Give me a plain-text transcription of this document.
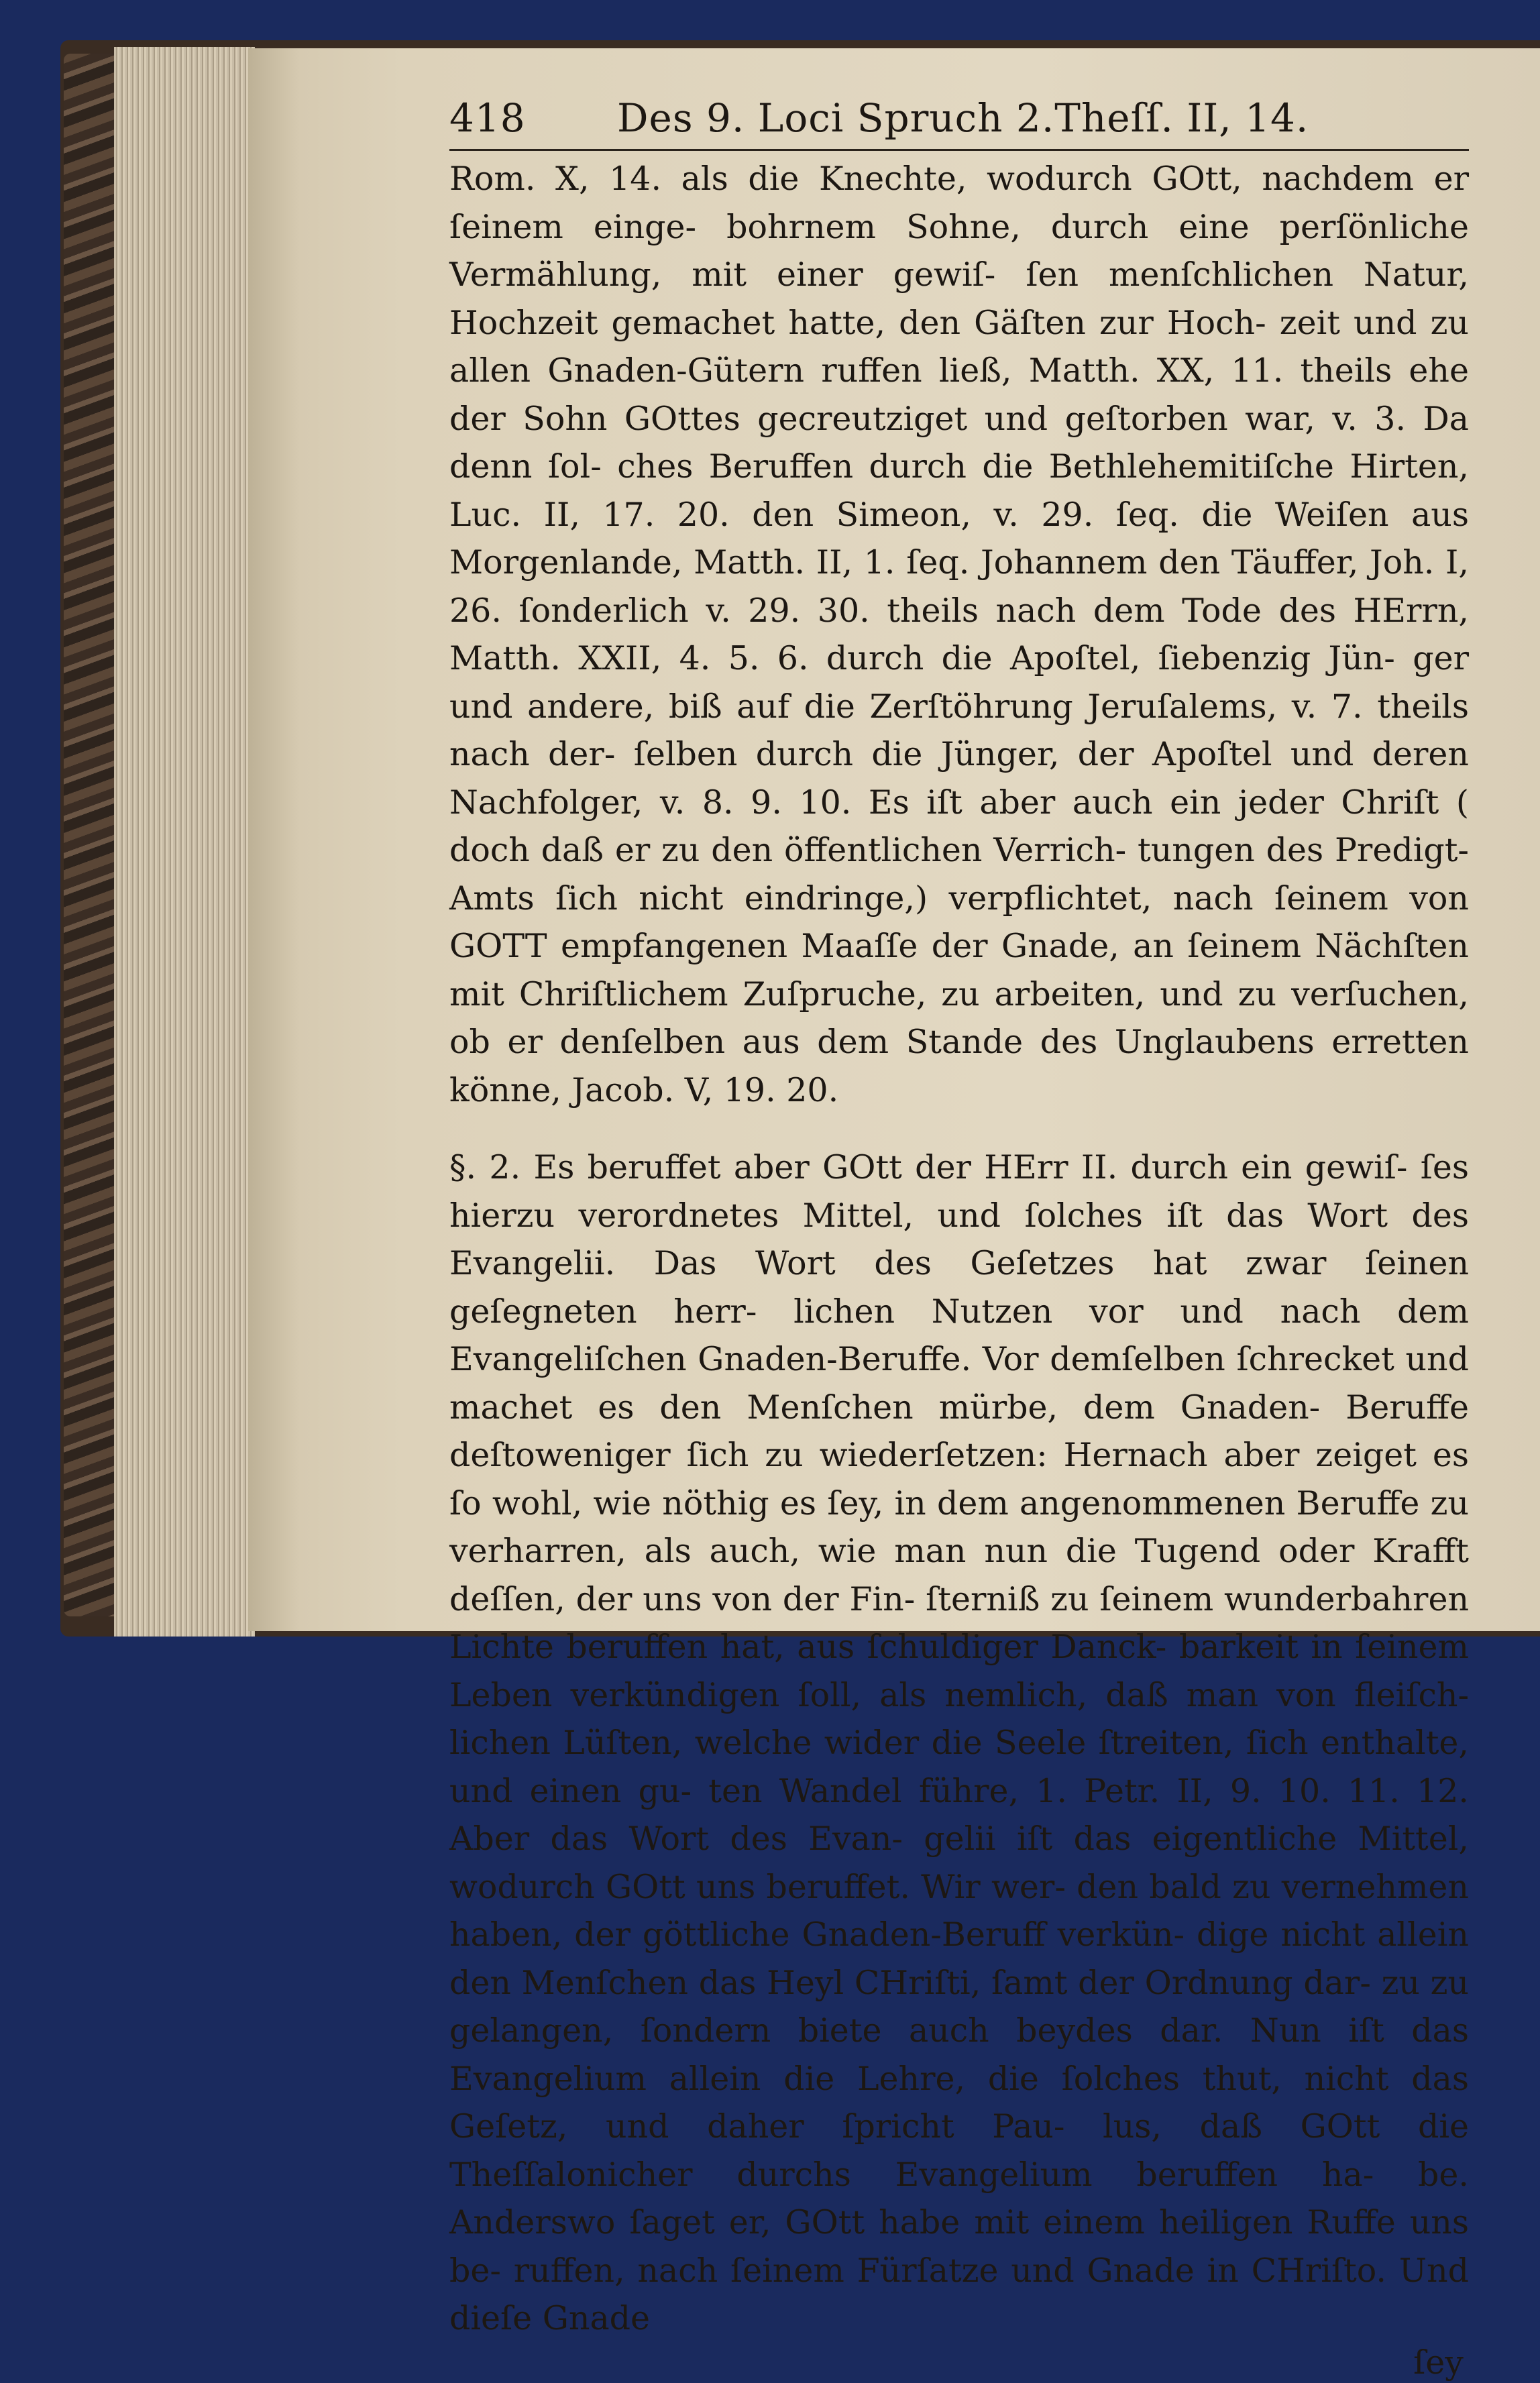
418 Des 9. Loci Spruch 2.Theſſ. II, 14.

Rom. X, 14. als die Knechte, wodurch GOtt, nachdem er ſeinem einge- bohrnem Sohne, durch eine perſönliche Vermählung, mit einer gewiſ- ſen menſchlichen Natur, Hochzeit gemachet hatte, den Gäſten zur Hoch- zeit und zu allen Gnaden-Gütern ruffen ließ, Matth. XX, 11. theils ehe der Sohn GOttes gecreutziget und geſtorben war, v. 3. Da denn ſol- ches Beruffen durch die Bethlehemitiſche Hirten, Luc. II, 17. 20. den Simeon, v. 29. ſeq. die Weiſen aus Morgenlande, Matth. II, 1. ſeq. Johannem den Täuffer, Joh. I, 26. ſonderlich v. 29. 30. theils nach dem Tode des HErrn, Matth. XXII, 4. 5. 6. durch die Apoſtel, ſiebenzig Jün- ger und andere, biß auf die Zerſtöhrung Jeruſalems, v. 7. theils nach der- ſelben durch die Jünger, der Apoſtel und deren Nachfolger, v. 8. 9. 10. Es iſt aber auch ein jeder Chriſt ( doch daß er zu den öffentlichen Verrich- tungen des Predigt-Amts ſich nicht eindringe,) verpflichtet, nach ſeinem von GOTT empfangenen Maaſſe der Gnade, an ſeinem Nächſten mit Chriſtlichem Zuſpruche, zu arbeiten, und zu verſuchen, ob er denſelben aus dem Stande des Unglaubens erretten könne, Jacob. V, 19. 20.

§. 2. Es beruffet aber GOtt der HErr II. durch ein gewiſ- ſes hierzu verordnetes Mittel, und ſolches iſt das Wort des Evangelii. Das Wort des Geſetzes hat zwar ſeinen geſegneten herr- lichen Nutzen vor und nach dem Evangeliſchen Gnaden-Beruffe. Vor demſelben ſchrecket und machet es den Menſchen mürbe, dem Gnaden- Beruffe deſtoweniger ſich zu wiederſetzen: Hernach aber zeiget es ſo wohl, wie nöthig es ſey, in dem angenommenen Beruffe zu verharren, als auch, wie man nun die Tugend oder Krafft deſſen, der uns von der Fin- ſterniß zu ſeinem wunderbahren Lichte beruffen hat, aus ſchuldiger Danck- barkeit in ſeinem Leben verkündigen ſoll, als nemlich, daß man von fleiſch- lichen Lüſten, welche wider die Seele ſtreiten, ſich enthalte, und einen gu- ten Wandel führe, 1. Petr. II, 9. 10. 11. 12. Aber das Wort des Evan- gelii iſt das eigentliche Mittel, wodurch GOtt uns beruffet. Wir wer- den bald zu vernehmen haben, der göttliche Gnaden-Beruff verkün- dige nicht allein den Menſchen das Heyl CHriſti, ſamt der Ordnung dar- zu zu gelangen, ſondern biete auch beydes dar. Nun iſt das Evangelium allein die Lehre, die ſolches thut, nicht das Geſetz, und daher ſpricht Pau- lus, daß GOtt die Theſſalonicher durchs Evangelium beruffen ha- be. Anderswo ſaget er, GOtt habe mit einem heiligen Ruffe uns be- ruffen, nach ſeinem Fürſatze und Gnade in CHriſto. Und dieſe Gnade

ſey
